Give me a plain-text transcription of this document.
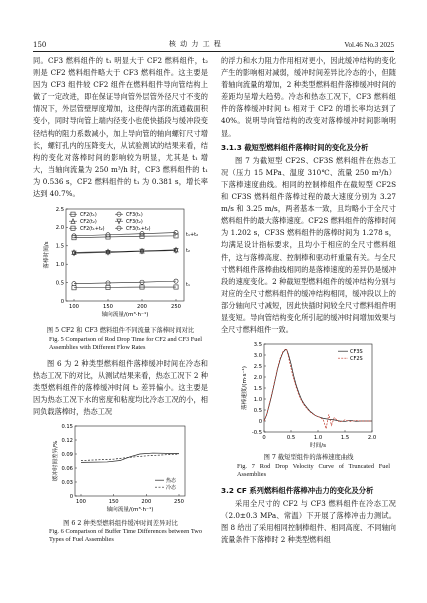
150	核 动 力 工 程	Vol.46 No.3 2025

同。CF3 燃料组件的 t₁ 明显大于 CF2 燃料组件，t₂ 则是 CF2 燃料组件略大于 CF3 燃料组件。这主要是因为 CF3 组件较 CF2 组件在燃料组件导向管结构上做了一定改进，即在保证导向管外层管外径尺寸不变的情况下，外层管壁厚度增加，这使得内部的流通截面积变小，同时导向管上端内径变小也使快插段与缓冲段变径结构的阻力系数减小，加上导向管的轴向螺钉尺寸增长，螺钉孔内的压降变大，从试验测试的结果来看，结构的变化对落棒时间的影响较为明显，尤其是 t₁ 增大，当轴向流量为 250 m³/h 时，CF3 燃料组件的 t₁ 为 0.536 s，CF2 燃料组件的 t₁ 为 0.381 s，增长率达到 40.7%。

100	150	200	250
0
0.5
1.0
1.5
2.0
2.5
轴向流量/(m³·h⁻¹)
落棒时间/s
CF2(t₁)	CF3(t₁)
CF2(t₂)	CF3(t₂)
CF2(t₁+t₂)	CF3(t₁+t₂)
t₁+t₂
t₁
t₂
图 5 CF2 和 CF3 燃料组件不同流量下落棒时间对比
Fig. 5 Comparison of Rod Drop Time for CF2 and CF3 Fuel Assemblies with Different Flow Rates

图 6 为 2 种类型燃料组件落棒缓冲时间在冷态和热态工况下的对比，从测试结果来看，热态工况下 2 种类型燃料组件的落棒缓冲时间 t₂ 差异偏小。这主要是因为热态工况下水的密度和粘度均比冷态工况的小，相同负载落棒时，热态工况

100	150	200	250
0
0.03
0.06
0.09
0.12
0.15
轴向流量/(m³·h⁻¹)
缓冲时间差异/%	热态
冷态
图 6 2 种类型燃料组件缓冲时间差异对比
Fig. 6 Comparison of Buffer Time Differences between Two Types of Fuel Assemblies

的浮力和水力阻力作用相对更小，因此缓冲结构的变化产生的影响相对减弱，缓冲时间差异比冷态的小，但随着轴向流量的增加，2 种类型燃料组件落棒缓冲时间的差距均呈增大趋势。冷态和热态工况下，CF3 燃料组件的落棒缓冲时间 t₂ 相对于 CF2 的增长率均达到了 40%。说明导向管结构的改变对落棒缓冲时间影响明显。

3.1.3 截短型燃料组件落棒时间的变化及分析

图 7 为截短型 CF2S、CF3S 燃料组件在热态工况（压力 15 MPa、温度 310℃、流量 250 m³/h）下落棒速度曲线。相同的控制棒组件在截短型 CF2S 和 CF3S 燃料组件落棒过程的最大速度分别为 3.27 m/s 和 3.25 m/s，两者基本一致，且均略小于全尺寸燃料组件的最大落棒速度。CF2S 燃料组件的落棒时间为 1.202 s，CF3S 燃料组件的落棒时间为 1.278 s，均满足设计指标要求，且均小于相应的全尺寸燃料组件，这与落棒高度、控制棒和驱动杆重量有关。与全尺寸燃料组件落棒曲线相同的是落棒速度的差异仍是缓冲段的速度变化。2 种截短型燃料组件的缓冲结构分别与对应的全尺寸燃料组件的缓冲结构相同，缓冲段以上的部分轴向尺寸减短，因此快插时间较全尺寸燃料组件明显变短。导向管结构变化所引起的缓冲时间增加效果与全尺寸燃料组件一致。

0	0.5	1.0	1.5	2.0
-0.5
0
0.5
1.0
1.5
2.0
2.5
3.0
3.5
时间/s
落棒速度/(m·s⁻¹)
CF3S
CF2S
图 7 截短型组件的落棒速度曲线
Fig. 7 Rod Drop Velocity Curve of Truncated Fuel Assemblies
3.2 CF 系列燃料组件落棒冲击力的变化及分析

采用全尺寸的 CF2 与 CF3 燃料组件在冷态工况（2.0±0.3 MPa、常温）下开展了落棒冲击力测试。图 8 给出了采用相同控制棒组件、相同高度、不同轴向流量条件下落棒时 2 种类型燃料组
